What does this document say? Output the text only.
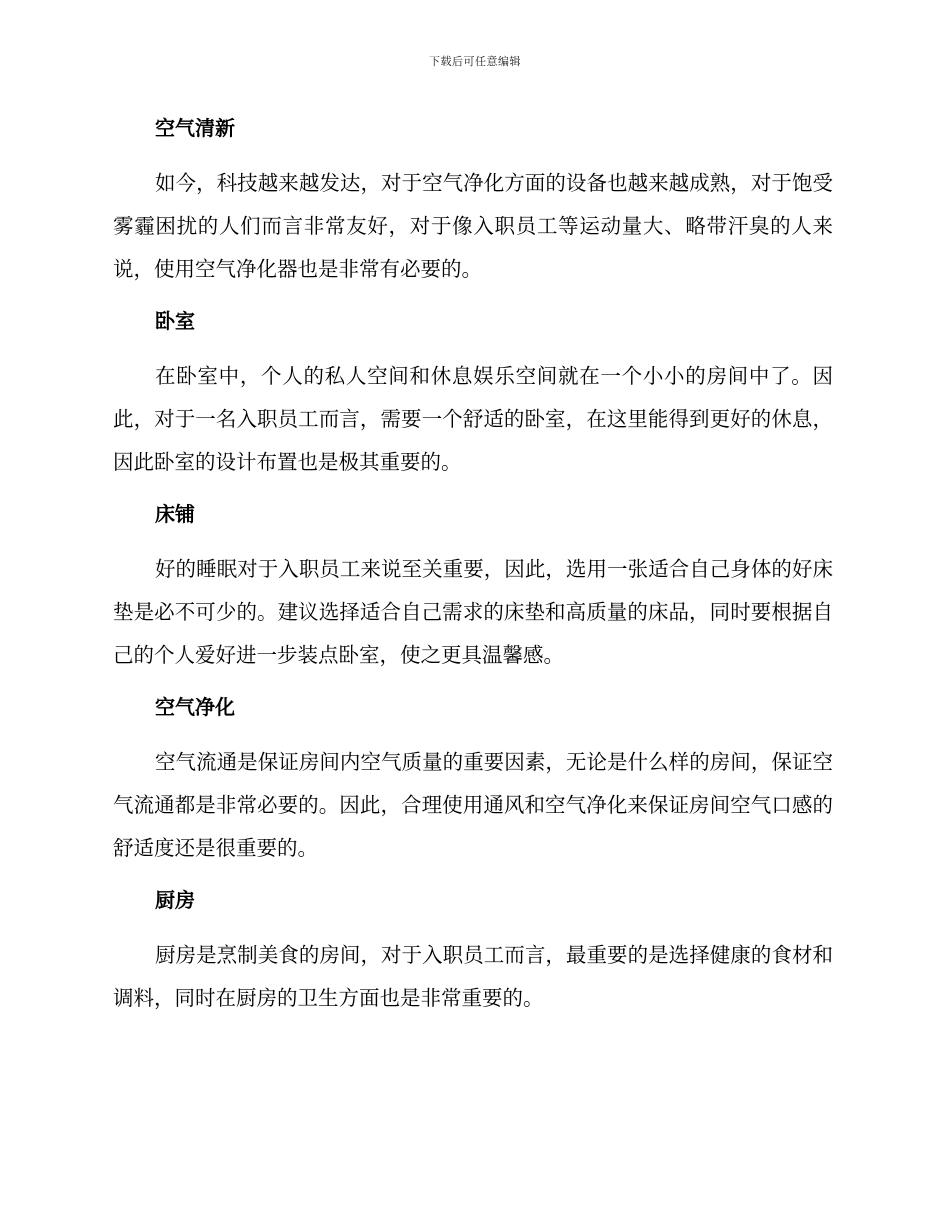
下载后可任意编辑
空气清新

如今，科技越来越发达，对于空气净化方面的设备也越来越成熟，对于饱受雾霾困扰的人们而言非常友好，对于像入职员工等运动量大、略带汗臭的人来说，使用空气净化器也是非常有必要的。

卧室

在卧室中，个人的私人空间和休息娱乐空间就在一个小小的房间中了。因此，对于一名入职员工而言，需要一个舒适的卧室，在这里能得到更好的休息，因此卧室的设计布置也是极其重要的。

床铺

好的睡眠对于入职员工来说至关重要，因此，选用一张适合自己身体的好床垫是必不可少的。建议选择适合自己需求的床垫和高质量的床品，同时要根据自己的个人爱好进一步装点卧室，使之更具温馨感。

空气净化

空气流通是保证房间内空气质量的重要因素，无论是什么样的房间，保证空气流通都是非常必要的。因此，合理使用通风和空气净化来保证房间空气口感的舒适度还是很重要的。

厨房

厨房是烹制美食的房间，对于入职员工而言，最重要的是选择健康的食材和调料，同时在厨房的卫生方面也是非常重要的。
